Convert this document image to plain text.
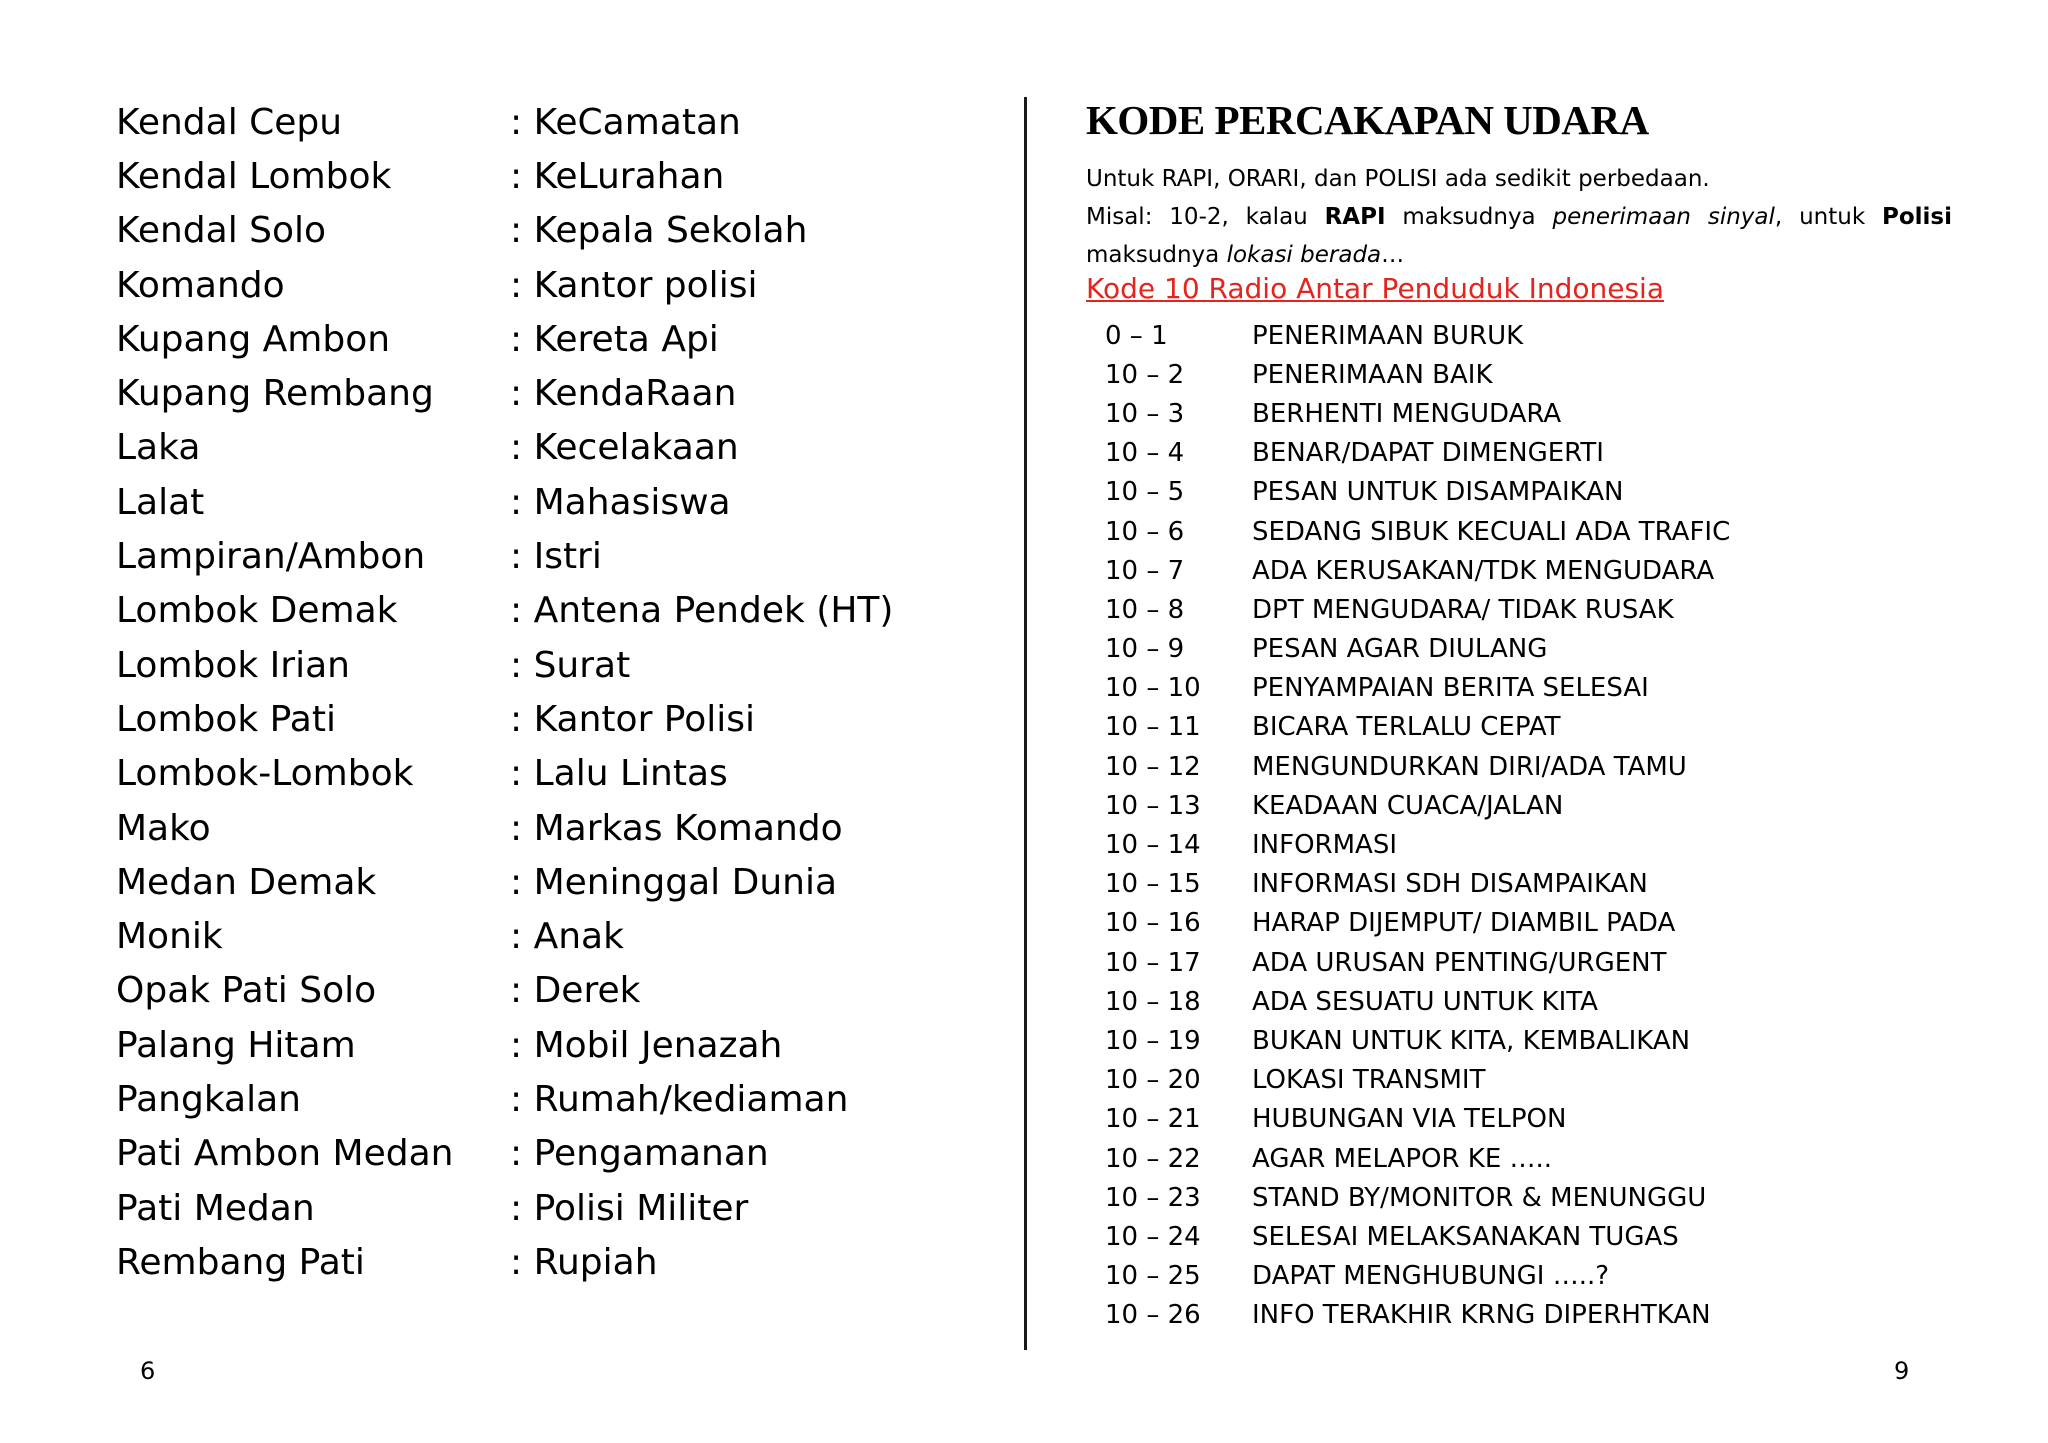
Kendal Cepu	: KeCamatan
Kendal Lombok	: KeLurahan
Kendal Solo	: Kepala Sekolah
Komando	: Kantor polisi
Kupang Ambon	: Kereta Api
Kupang Rembang	: KendaRaan
Laka	: Kecelakaan
Lalat	: Mahasiswa
Lampiran/Ambon	: Istri
Lombok Demak	: Antena Pendek (HT)
Lombok Irian	: Surat
Lombok Pati	: Kantor Polisi
Lombok-Lombok	: Lalu Lintas
Mako	: Markas Komando
Medan Demak	: Meninggal Dunia
Monik	: Anak
Opak Pati Solo	: Derek
Palang Hitam	: Mobil Jenazah
Pangkalan	: Rumah/kediaman
Pati Ambon Medan	: Pengamanan
Pati Medan	: Polisi Militer
Rembang Pati	: Rupiah
6	9
KODE PERCAKAPAN UDARA

Untuk RAPI, ORARI, dan POLISI ada sedikit perbedaan.

Misal: 10-2, kalau RAPI maksudnya penerimaan sinyal, untuk Polisi

maksudnya lokasi berada…

Kode 10 Radio Antar Penduduk Indonesia
0 – 1	PENERIMAAN BURUK
10 – 2	PENERIMAAN BAIK
10 – 3	BERHENTI MENGUDARA
10 – 4	BENAR/DAPAT DIMENGERTI
10 – 5	PESAN UNTUK DISAMPAIKAN
10 – 6	SEDANG SIBUK KECUALI ADA TRAFIC
10 – 7	ADA KERUSAKAN/TDK MENGUDARA
10 – 8	DPT MENGUDARA/ TIDAK RUSAK
10 – 9	PESAN AGAR DIULANG
10 – 10	PENYAMPAIAN BERITA SELESAI
10 – 11	BICARA TERLALU CEPAT
10 – 12	MENGUNDURKAN DIRI/ADA TAMU
10 – 13	KEADAAN CUACA/JALAN
10 – 14	INFORMASI
10 – 15	INFORMASI SDH DISAMPAIKAN
10 – 16	HARAP DIJEMPUT/ DIAMBIL PADA
10 – 17	ADA URUSAN PENTING/URGENT
10 – 18	ADA SESUATU UNTUK KITA
10 – 19	BUKAN UNTUK KITA, KEMBALIKAN
10 – 20	LOKASI TRANSMIT
10 – 21	HUBUNGAN VIA TELPON
10 – 22	AGAR MELAPOR KE …..
10 – 23	STAND BY/MONITOR & MENUNGGU
10 – 24	SELESAI MELAKSANAKAN TUGAS
10 – 25	DAPAT MENGHUBUNGI …..?
10 – 26	INFO TERAKHIR KRNG DIPERHTKAN
